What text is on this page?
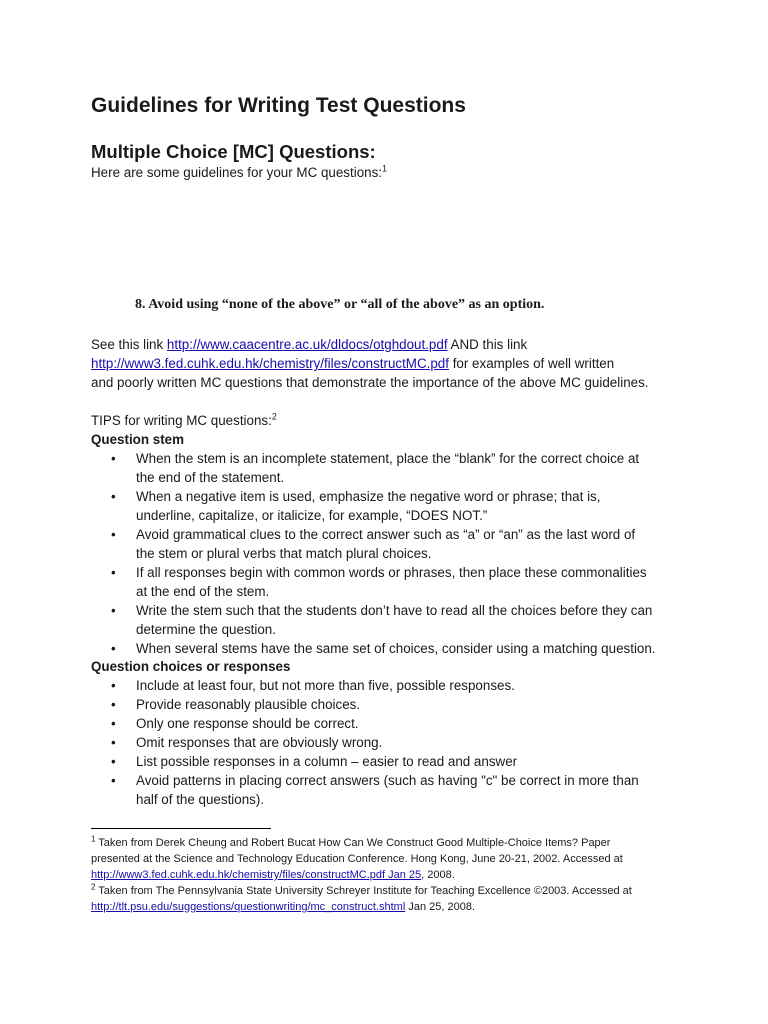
Guidelines for Writing Test Questions
Multiple Choice [MC] Questions:
Here are some guidelines for your MC questions:$^1$
8. Avoid using “none of the above” or “all of the above” as an option.
See this link http://www.caacentre.ac.uk/dldocs/otghdout.pdf AND this link
http://www3.fed.cuhk.edu.hk/chemistry/files/constructMC.pdf for examples of well written
and poorly written MC questions that demonstrate the importance of the above MC guidelines.
TIPS for writing MC questions:$^2$
Question stem
• When the stem is an incomplete statement, place the “blank” for the correct choice at
the end of the statement.
• When a negative item is used, emphasize the negative word or phrase; that is,
underline, capitalize, or italicize, for example, “DOES NOT.”
• Avoid grammatical clues to the correct answer such as “a” or “an” as the last word of
the stem or plural verbs that match plural choices.
• If all responses begin with common words or phrases, then place these commonalities
at the end of the stem.
• Write the stem such that the students don’t have to read all the choices before they can
determine the question.
• When several stems have the same set of choices, consider using a matching question.
Question choices or responses
• Include at least four, but not more than five, possible responses.
• Provide reasonably plausible choices.
• Only one response should be correct.
• Omit responses that are obviously wrong.
• List possible responses in a column – easier to read and answer
• Avoid patterns in placing correct answers (such as having "c" be correct in more than
half of the questions).
$^1$ Taken from Derek Cheung and Robert Bucat How Can We Construct Good Multiple-Choice Items? Paper
presented at the Science and Technology Education Conference. Hong Kong, June 20-21, 2002. Accessed at
http://www3.fed.cuhk.edu.hk/chemistry/files/constructMC.pdf Jan 25, 2008.
$^2$ Taken from The Pennsylvania State University Schreyer Institute for Teaching Excellence ©2003. Accessed at
http://tlt.psu.edu/suggestions/questionwriting/mc_construct.shtml Jan 25, 2008.
